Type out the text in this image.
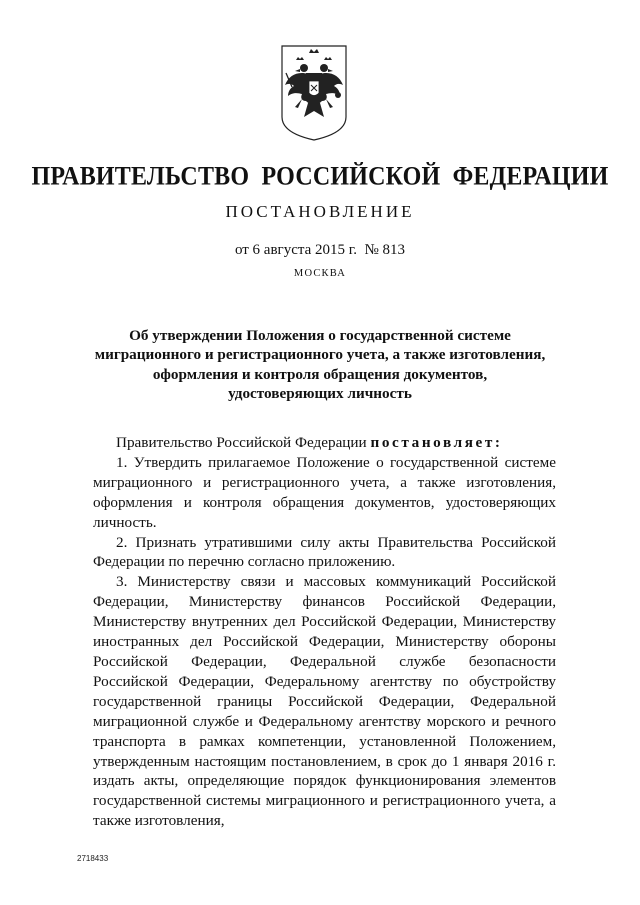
ПРАВИТЕЛЬСТВО РОССИЙСКОЙ ФЕДЕРАЦИИ
ПОСТАНОВЛЕНИЕ
от 6 августа 2015 г.  № 813
МОСКВА
Об утверждении Положения о государственной системе
миграционного и регистрационного учета, а также изготовления,
оформления и контроля обращения документов,
удостоверяющих личность

Правительство Российской Федерации постановляет:

1. Утвердить прилагаемое Положение о государственной системе миграционного и регистрационного учета, а также изготовления, оформления и контроля обращения документов, удостоверяющих личность.

2. Признать утратившими силу акты Правительства Российской Федерации по перечню согласно приложению.

3. Министерству связи и массовых коммуникаций Российской Федерации, Министерству финансов Российской Федерации, Министерству внутренних дел Российской Федерации, Министерству иностранных дел Российской Федерации, Министерству обороны Российской Федерации, Федеральной службе безопасности Российской Федерации, Федеральному агентству по обустройству государственной границы Российской Федерации, Федеральной миграционной службе и Федеральному агентству морского и речного транспорта в рамках компетенции, установленной Положением, утвержденным настоящим постановлением, в срок до 1 января 2016 г. издать акты, определяющие порядок функционирования элементов государственной системы миграционного и регистрационного учета, а также изготовления,

2718433
